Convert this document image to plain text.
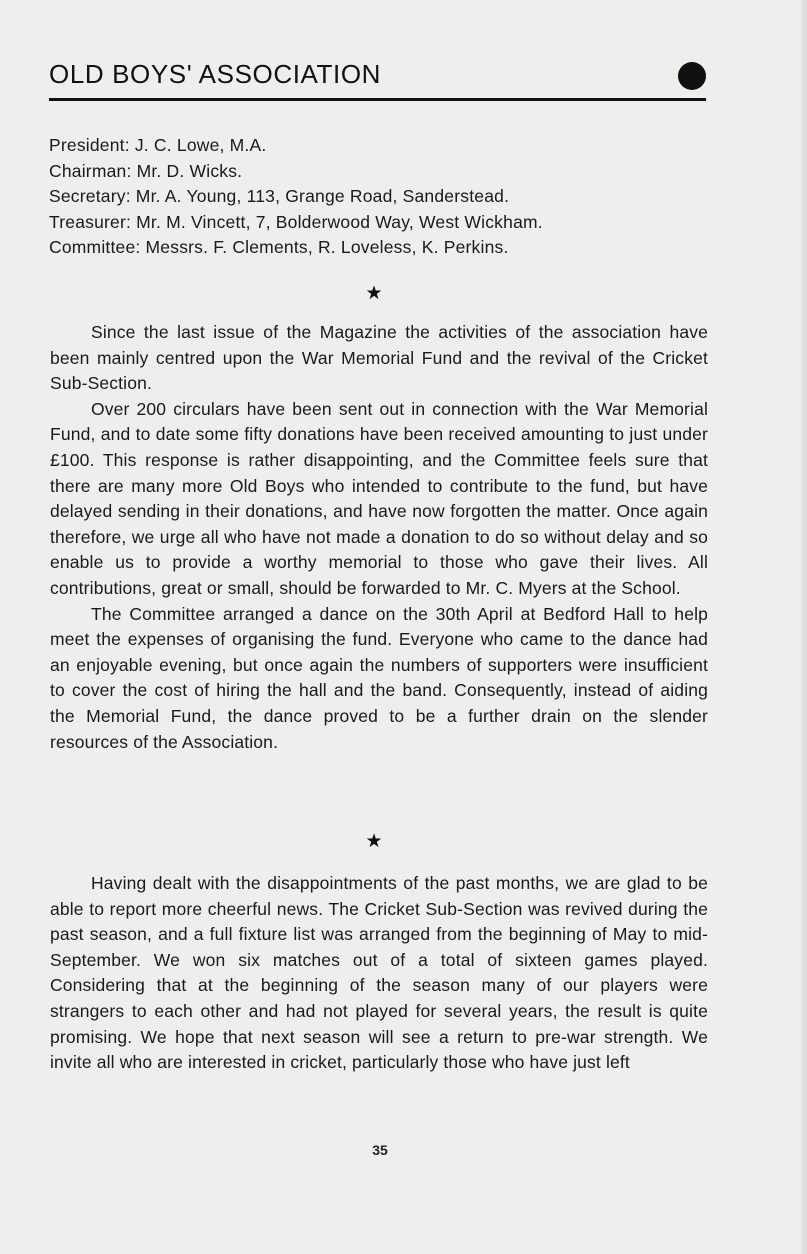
OLD BOYS' ASSOCIATION
President: J. C. Lowe, M.A.
Chairman: Mr. D. Wicks.
Secretary: Mr. A. Young, 113, Grange Road, Sanderstead.
Treasurer: Mr. M. Vincett, 7, Bolderwood Way, West Wickham.
Committee: Messrs. F. Clements, R. Loveless, K. Perkins.
★

Since the last issue of the Magazine the activities of the association have been mainly centred upon the War Memorial Fund and the revival of the Cricket Sub-Section.

Over 200 circulars have been sent out in connection with the War Memorial Fund, and to date some fifty donations have been received amounting to just under £100. This response is rather disappointing, and the Committee feels sure that there are many more Old Boys who intended to contribute to the fund, but have delayed sending in their donations, and have now forgotten the matter. Once again therefore, we urge all who have not made a donation to do so without delay and so enable us to provide a worthy memorial to those who gave their lives. All contributions, great or small, should be forwarded to Mr. C. Myers at the School.

The Committee arranged a dance on the 30th April at Bedford Hall to help meet the expenses of organising the fund. Everyone who came to the dance had an enjoyable evening, but once again the numbers of supporters were insufficient to cover the cost of hiring the hall and the band. Consequently, instead of aiding the Memorial Fund, the dance proved to be a further drain on the slender resources of the Association.

★

Having dealt with the disappointments of the past months, we are glad to be able to report more cheerful news. The Cricket Sub-Section was revived during the past season, and a full fixture list was arranged from the beginning of May to mid-September. We won six matches out of a total of sixteen games played. Considering that at the beginning of the season many of our players were strangers to each other and had not played for several years, the result is quite promising. We hope that next season will see a return to pre-war strength. We invite all who are interested in cricket, particularly those who have just left

35
